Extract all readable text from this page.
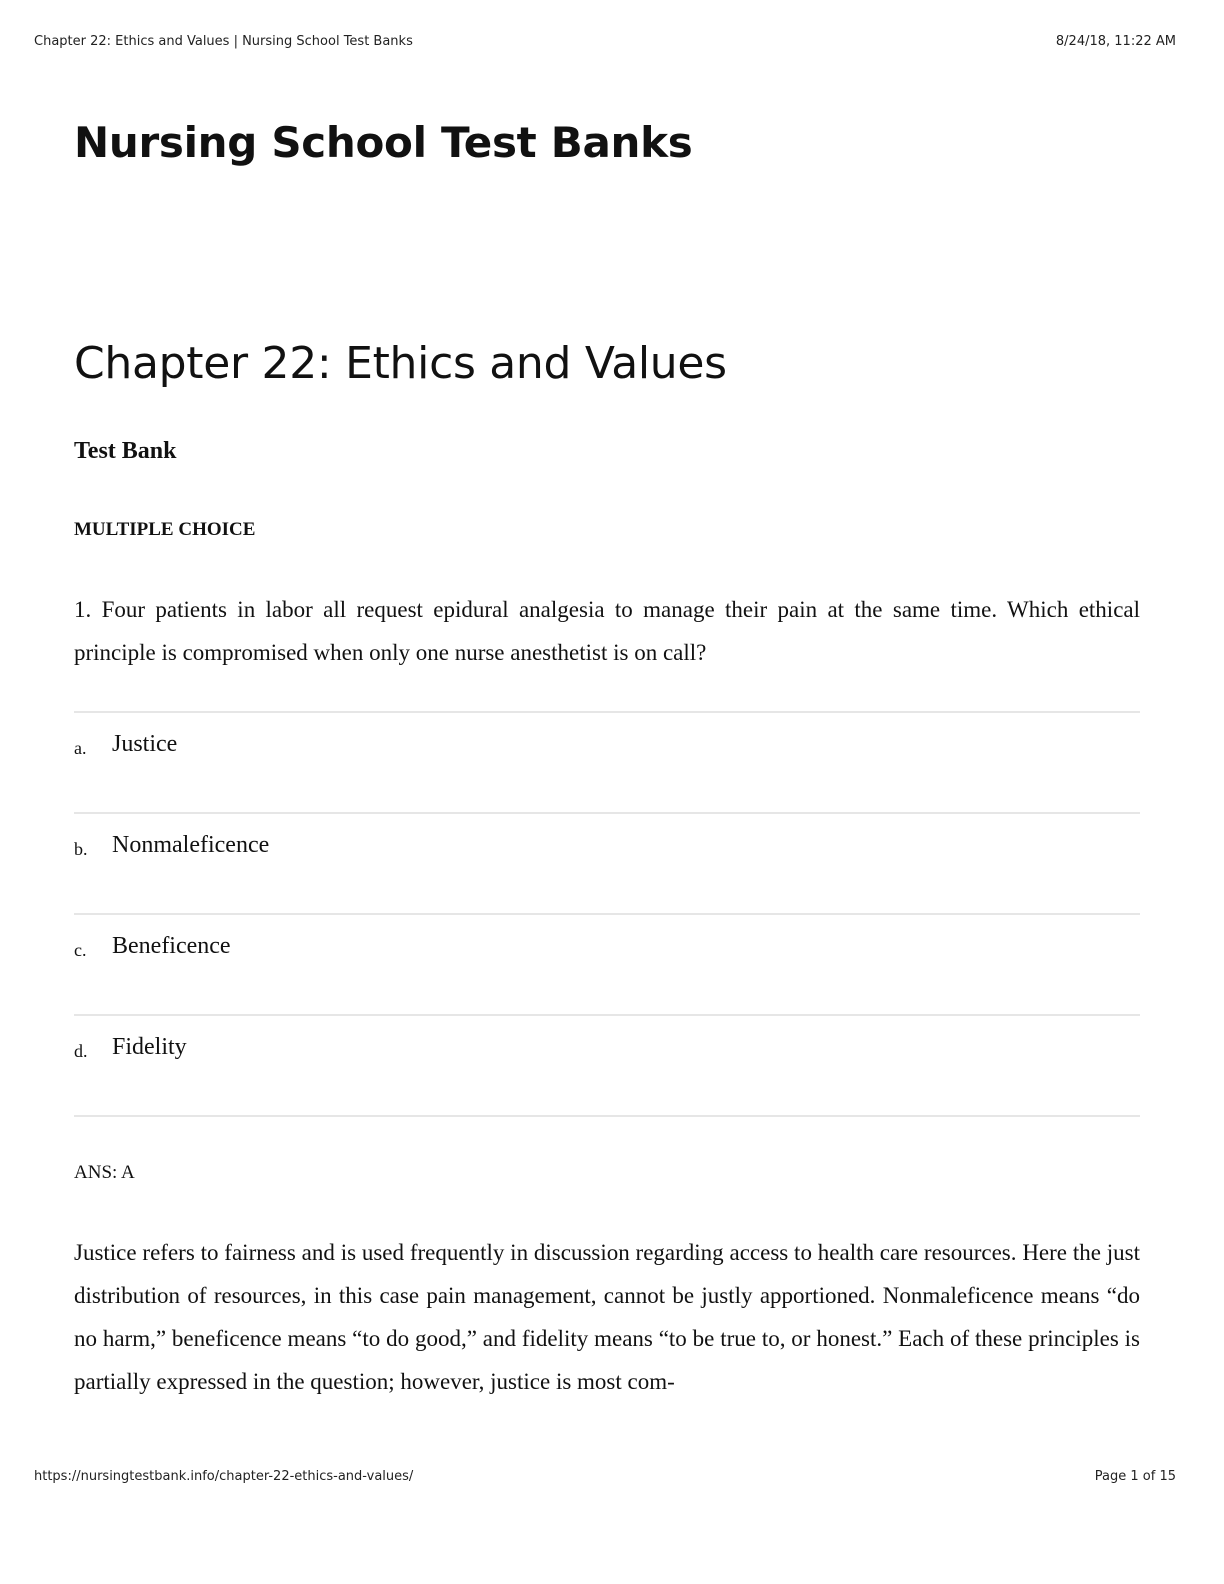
Chapter 22: Ethics and Values | Nursing School Test Banks	8/24/18, 11:22 AM
Nursing School Test Banks
Chapter 22: Ethics and Values
Test Bank
MULTIPLE CHOICE

1. Four patients in labor all request epidural analgesia to manage their pain at the same time. Which ethical principle is compromised when only one nurse anesthetist is on call?

a. Justice
b. Nonmaleficence
c. Beneficence
d. Fidelity
ANS: A

Justice refers to fairness and is used frequently in discussion regarding access to health care resources. Here the just distribution of resources, in this case pain management, cannot be justly apportioned. Nonmaleficence means “do no harm,” beneficence means “to do good,” and fidelity means “to be true to, or honest.” Each of these principles is partially expressed in the question; however, justice is most com-

https://nursingtestbank.info/chapter-22-ethics-and-values/	Page 1 of 15
